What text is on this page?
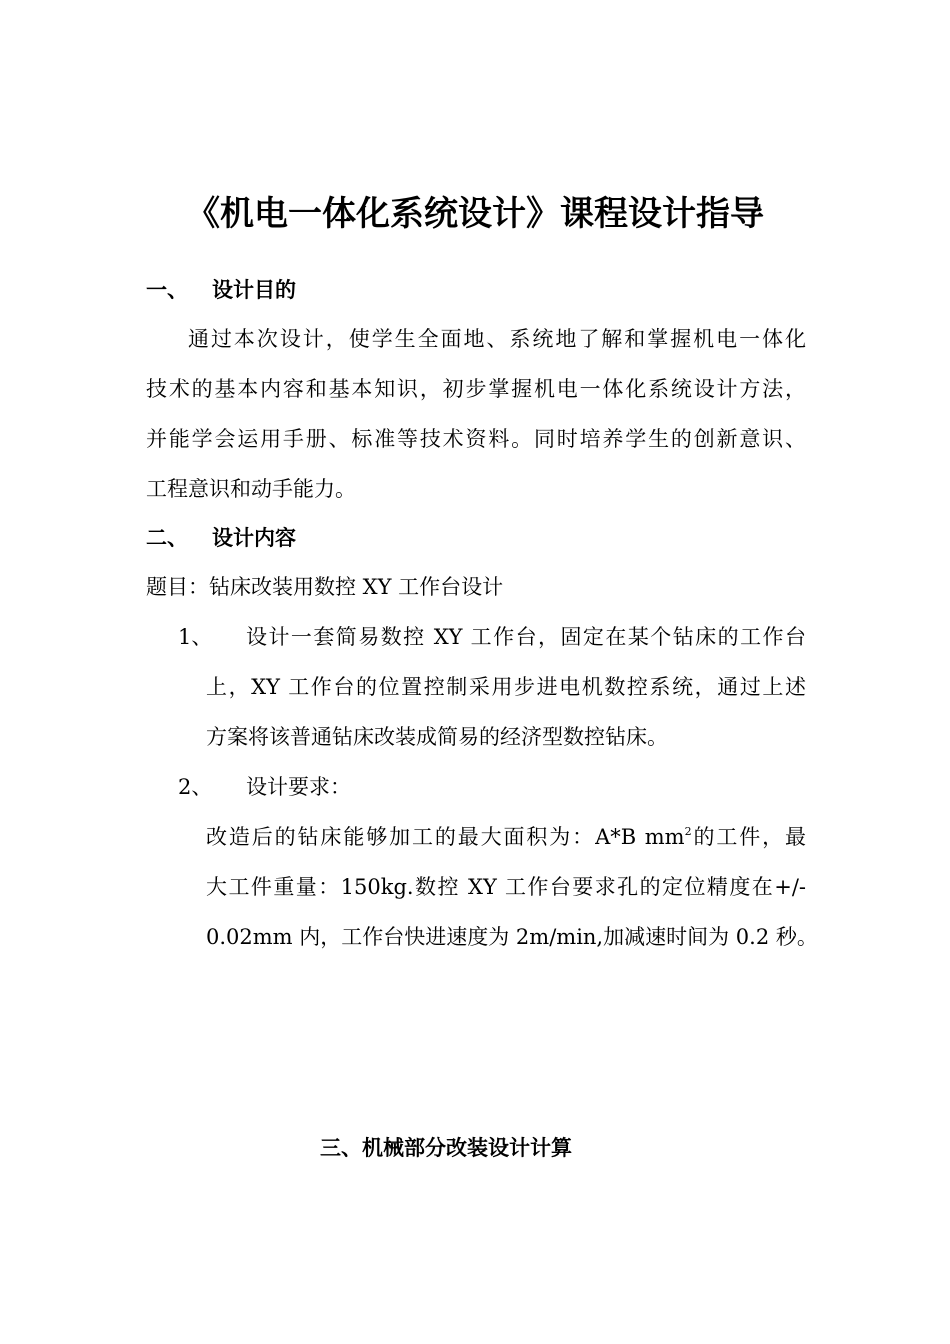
《机电一体化系统设计》课程设计指导
一、 设计目的
通过本次设计，使学生全面地、系统地了解和掌握机电一体化
技术的基本内容和基本知识，初步掌握机电一体化系统设计方法，
并能学会运用手册、标准等技术资料。同时培养学生的创新意识、
工程意识和动手能力。
二、 设计内容
题目：钻床改装用数控 XY 工作台设计
1、 设计一套简易数控 XY 工作台，固定在某个钻床的工作台
上，XY 工作台的位置控制采用步进电机数控系统，通过上述
方案将该普通钻床改装成简易的经济型数控钻床。
2、 设计要求：
改造后的钻床能够加工的最大面积为：A*B $mm^2$的工件，最
大工件重量：150kg.数控 XY 工作台要求孔的定位精度在+/-
0.02mm 内，工作台快进速度为 2m/min,加减速时间为 0.2 秒。
三、机械部分改装设计计算
